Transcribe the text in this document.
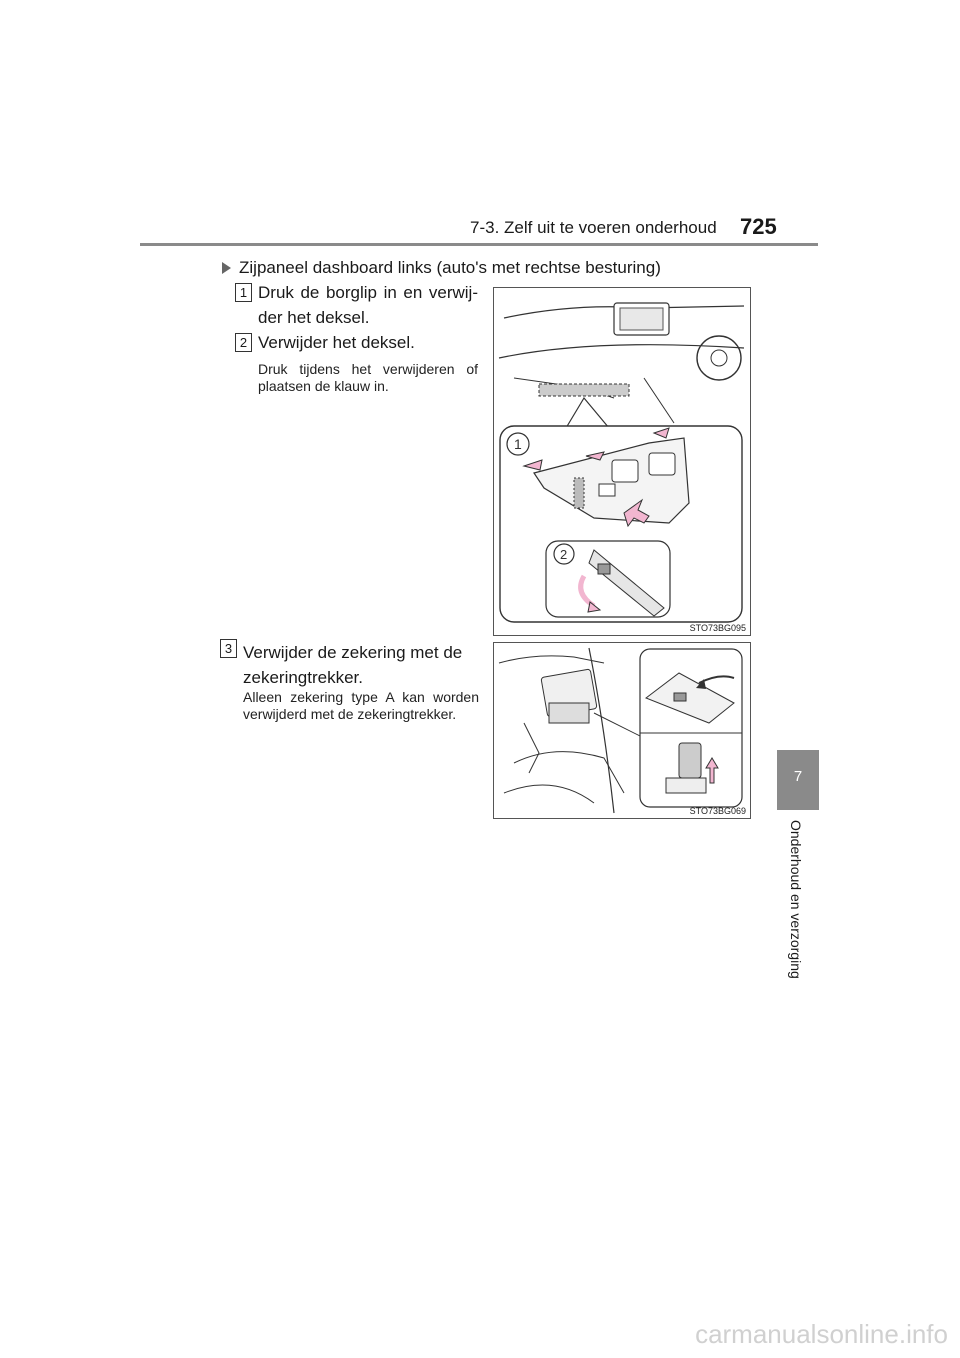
7-3. Zelf uit te voeren onderhoud 725
7
Onderhoud en verzorging
Zijpaneel dashboard links (auto's met rechtse besturing)
1 Druk de borglip in en verwij-
der het deksel.
2 Verwijder het deksel.
Druk tijdens het verwijderen of
plaatsen de klauw in.
3 Verwijder de zekering met de
zekeringtrekker.
Alleen zekering type A kan worden
verwijderd met de zekeringtrekker.
1
2
STO73BG095
STO73BG069
carmanualsonline.info
